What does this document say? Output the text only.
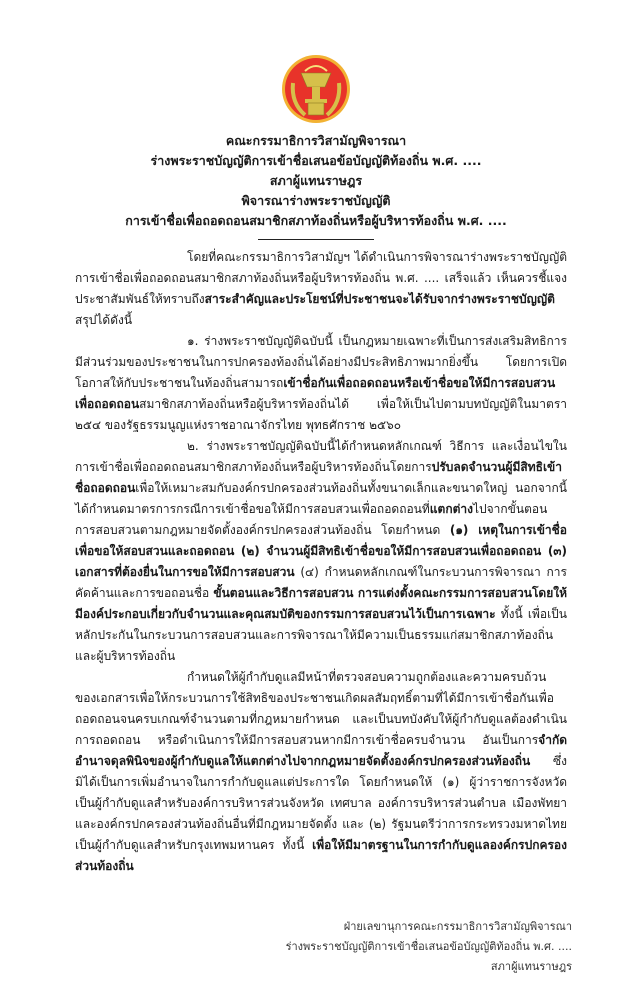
คณะกรรมาธิการวิสามัญพิจารณา
ร่างพระราชบัญญัติการเข้าชื่อเสนอข้อบัญญัติท้องถิ่น พ.ศ. ....
สภาผู้แทนราษฎร
พิจารณาร่างพระราชบัญญัติ
การเข้าชื่อเพื่อถอดถอนสมาชิกสภาท้องถิ่นหรือผู้บริหารท้องถิ่น พ.ศ. ....

โดยที่คณะกรรมาธิการวิสามัญฯ ได้ดำเนินการพิจารณาร่างพระราชบัญญัติการเข้าชื่อเพื่อถอดถอนสมาชิกสภาท้องถิ่นหรือผู้บริหารท้องถิ่น พ.ศ. .... เสร็จแล้ว เห็นควรชี้แจงประชาสัมพันธ์ให้ทราบถึงสาระสำคัญและประโยชน์ที่ประชาชนจะได้รับจากร่างพระราชบัญญัติ สรุปได้ดังนี้

๑. ร่างพระราชบัญญัติฉบับนี้ เป็นกฎหมายเฉพาะที่เป็นการส่งเสริมสิทธิการมีส่วนร่วมของประชาชนในการปกครองท้องถิ่นได้อย่างมีประสิทธิภาพมากยิ่งขึ้น โดยการเปิดโอกาสให้กับประชาชนในท้องถิ่นสามารถเข้าชื่อกันเพื่อถอดถอนหรือเข้าชื่อขอให้มีการสอบสวนเพื่อถอดถอนสมาชิกสภาท้องถิ่นหรือผู้บริหารท้องถิ่นได้ เพื่อให้เป็นไปตามบทบัญญัติในมาตรา ๒๕๔ ของรัฐธรรมนูญแห่งราชอาณาจักรไทย พุทธศักราช ๒๕๖๐

๒. ร่างพระราชบัญญัติฉบับนี้ได้กำหนดหลักเกณฑ์ วิธีการ และเงื่อนไขในการเข้าชื่อเพื่อถอดถอนสมาชิกสภาท้องถิ่นหรือผู้บริหารท้องถิ่นโดยการปรับลดจำนวนผู้มีสิทธิเข้าชื่อถอดถอนเพื่อให้เหมาะสมกับองค์กรปกครองส่วนท้องถิ่นทั้งขนาดเล็กและขนาดใหญ่ นอกจากนี้ ได้กำหนดมาตรการกรณีการเข้าชื่อขอให้มีการสอบสวนเพื่อถอดถอนที่แตกต่างไปจากขั้นตอนการสอบสวนตามกฎหมายจัดตั้งองค์กรปกครองส่วนท้องถิ่น โดยกำหนด (๑) เหตุในการเข้าชื่อเพื่อขอให้สอบสวนและถอดถอน (๒) จำนวนผู้มีสิทธิเข้าชื่อขอให้มีการสอบสวนเพื่อถอดถอน (๓) เอกสารที่ต้องยื่นในการขอให้มีการสอบสวน (๔) กำหนดหลักเกณฑ์ในกระบวนการพิจารณา การคัดค้านและการขอถอนชื่อ ขั้นตอนและวิธีการสอบสวน การแต่งตั้งคณะกรรมการสอบสวนโดยให้มีองค์ประกอบเกี่ยวกับจำนวนและคุณสมบัติของกรรมการสอบสวนไว้เป็นการเฉพาะ ทั้งนี้ เพื่อเป็นหลักประกันในกระบวนการสอบสวนและการพิจารณาให้มีความเป็นธรรมแก่สมาชิกสภาท้องถิ่นและผู้บริหารท้องถิ่น

กำหนดให้ผู้กำกับดูแลมีหน้าที่ตรวจสอบความถูกต้องและความครบถ้วนของเอกสารเพื่อให้กระบวนการใช้สิทธิของประชาชนเกิดผลสัมฤทธิ์ตามที่ได้มีการเข้าชื่อกันเพื่อถอดถอนจนครบเกณฑ์จำนวนตามที่กฎหมายกำหนด และเป็นบทบังคับให้ผู้กำกับดูแลต้องดำเนินการถอดถอน หรือดำเนินการให้มีการสอบสวนหากมีการเข้าชื่อครบจำนวน อันเป็นการจำกัดอำนาจดุลพินิจของผู้กำกับดูแลให้แตกต่างไปจากกฎหมายจัดตั้งองค์กรปกครองส่วนท้องถิ่น ซึ่งมิได้เป็นการเพิ่มอำนาจในการกำกับดูแลแต่ประการใด โดยกำหนดให้ (๑) ผู้ว่าราชการจังหวัด เป็นผู้กำกับดูแลสำหรับองค์การบริหารส่วนจังหวัด เทศบาล องค์การบริหารส่วนตำบล เมืองพัทยา และองค์กรปกครองส่วนท้องถิ่นอื่นที่มีกฎหมายจัดตั้ง และ (๒) รัฐมนตรีว่าการกระทรวงมหาดไทย เป็นผู้กำกับดูแลสำหรับกรุงเทพมหานคร ทั้งนี้ เพื่อให้มีมาตรฐานในการกำกับดูแลองค์กรปกครองส่วนท้องถิ่น

ฝ่ายเลขานุการคณะกรรมาธิการวิสามัญพิจารณา
ร่างพระราชบัญญัติการเข้าชื่อเสนอข้อบัญญัติท้องถิ่น พ.ศ. ....
สภาผู้แทนราษฎร
